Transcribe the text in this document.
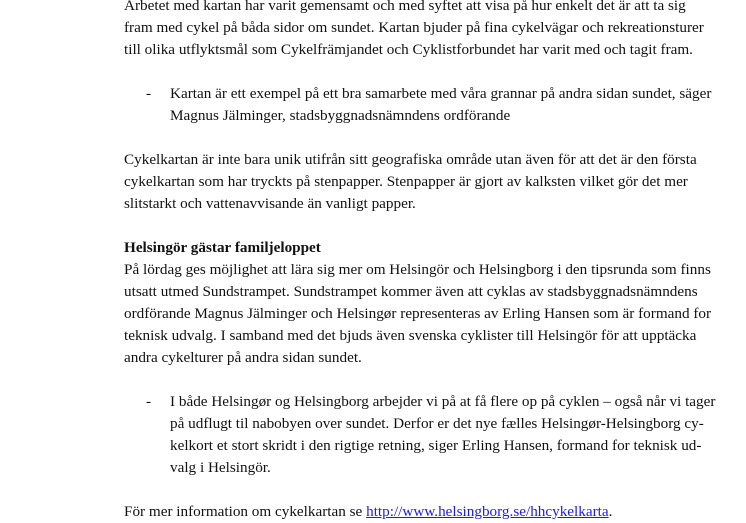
Arbetet med kartan har varit gemensamt och med syftet att visa på hur enkelt det är att ta sig

fram med cykel på båda sidor om sundet. Kartan bjuder på fina cykelvägar och rekreationsturer

till olika utflyktsmål som Cykelfrämjandet och Cyklistforbundet har varit med och tagit fram.

- Kartan är ett exempel på ett bra samarbete med våra grannar på andra sidan sundet, säger
Magnus Jälminger, stadsbyggnadsnämndens ordförande

Cykelkartan är inte bara unik utifrån sitt geografiska område utan även för att det är den första

cykelkartan som har tryckts på stenpapper. Stenpapper är gjort av kalksten vilket gör det mer

slitstarkt och vattenavvisande än vanligt papper.

Helsingör gästar familjeloppet

På lördag ges möjlighet att lära sig mer om Helsingör och Helsingborg i den tipsrunda som finns

utsatt utmed Sundstrampet. Sundstrampet kommer även att cyklas av stadsbyggnadsnämndens

ordförande Magnus Jälminger och Helsingør representeras av Erling Hansen som är formand for

teknisk udvalg. I samband med det bjuds även svenska cyklister till Helsingör för att upptäcka

andra cykelturer på andra sidan sundet.

- I både Helsingør og Helsingborg arbejder vi på at få flere op på cyklen – også når vi tager
på udflugt til nabobyen over sundet. Derfor er det nye fælles Helsingør-Helsingborg cy-
kelkort et stort skridt i den rigtige retning, siger Erling Hansen, formand for teknisk ud-
valg i Helsingör.

För mer information om cykelkartan se http://www.helsingborg.se/hhcykelkarta.
